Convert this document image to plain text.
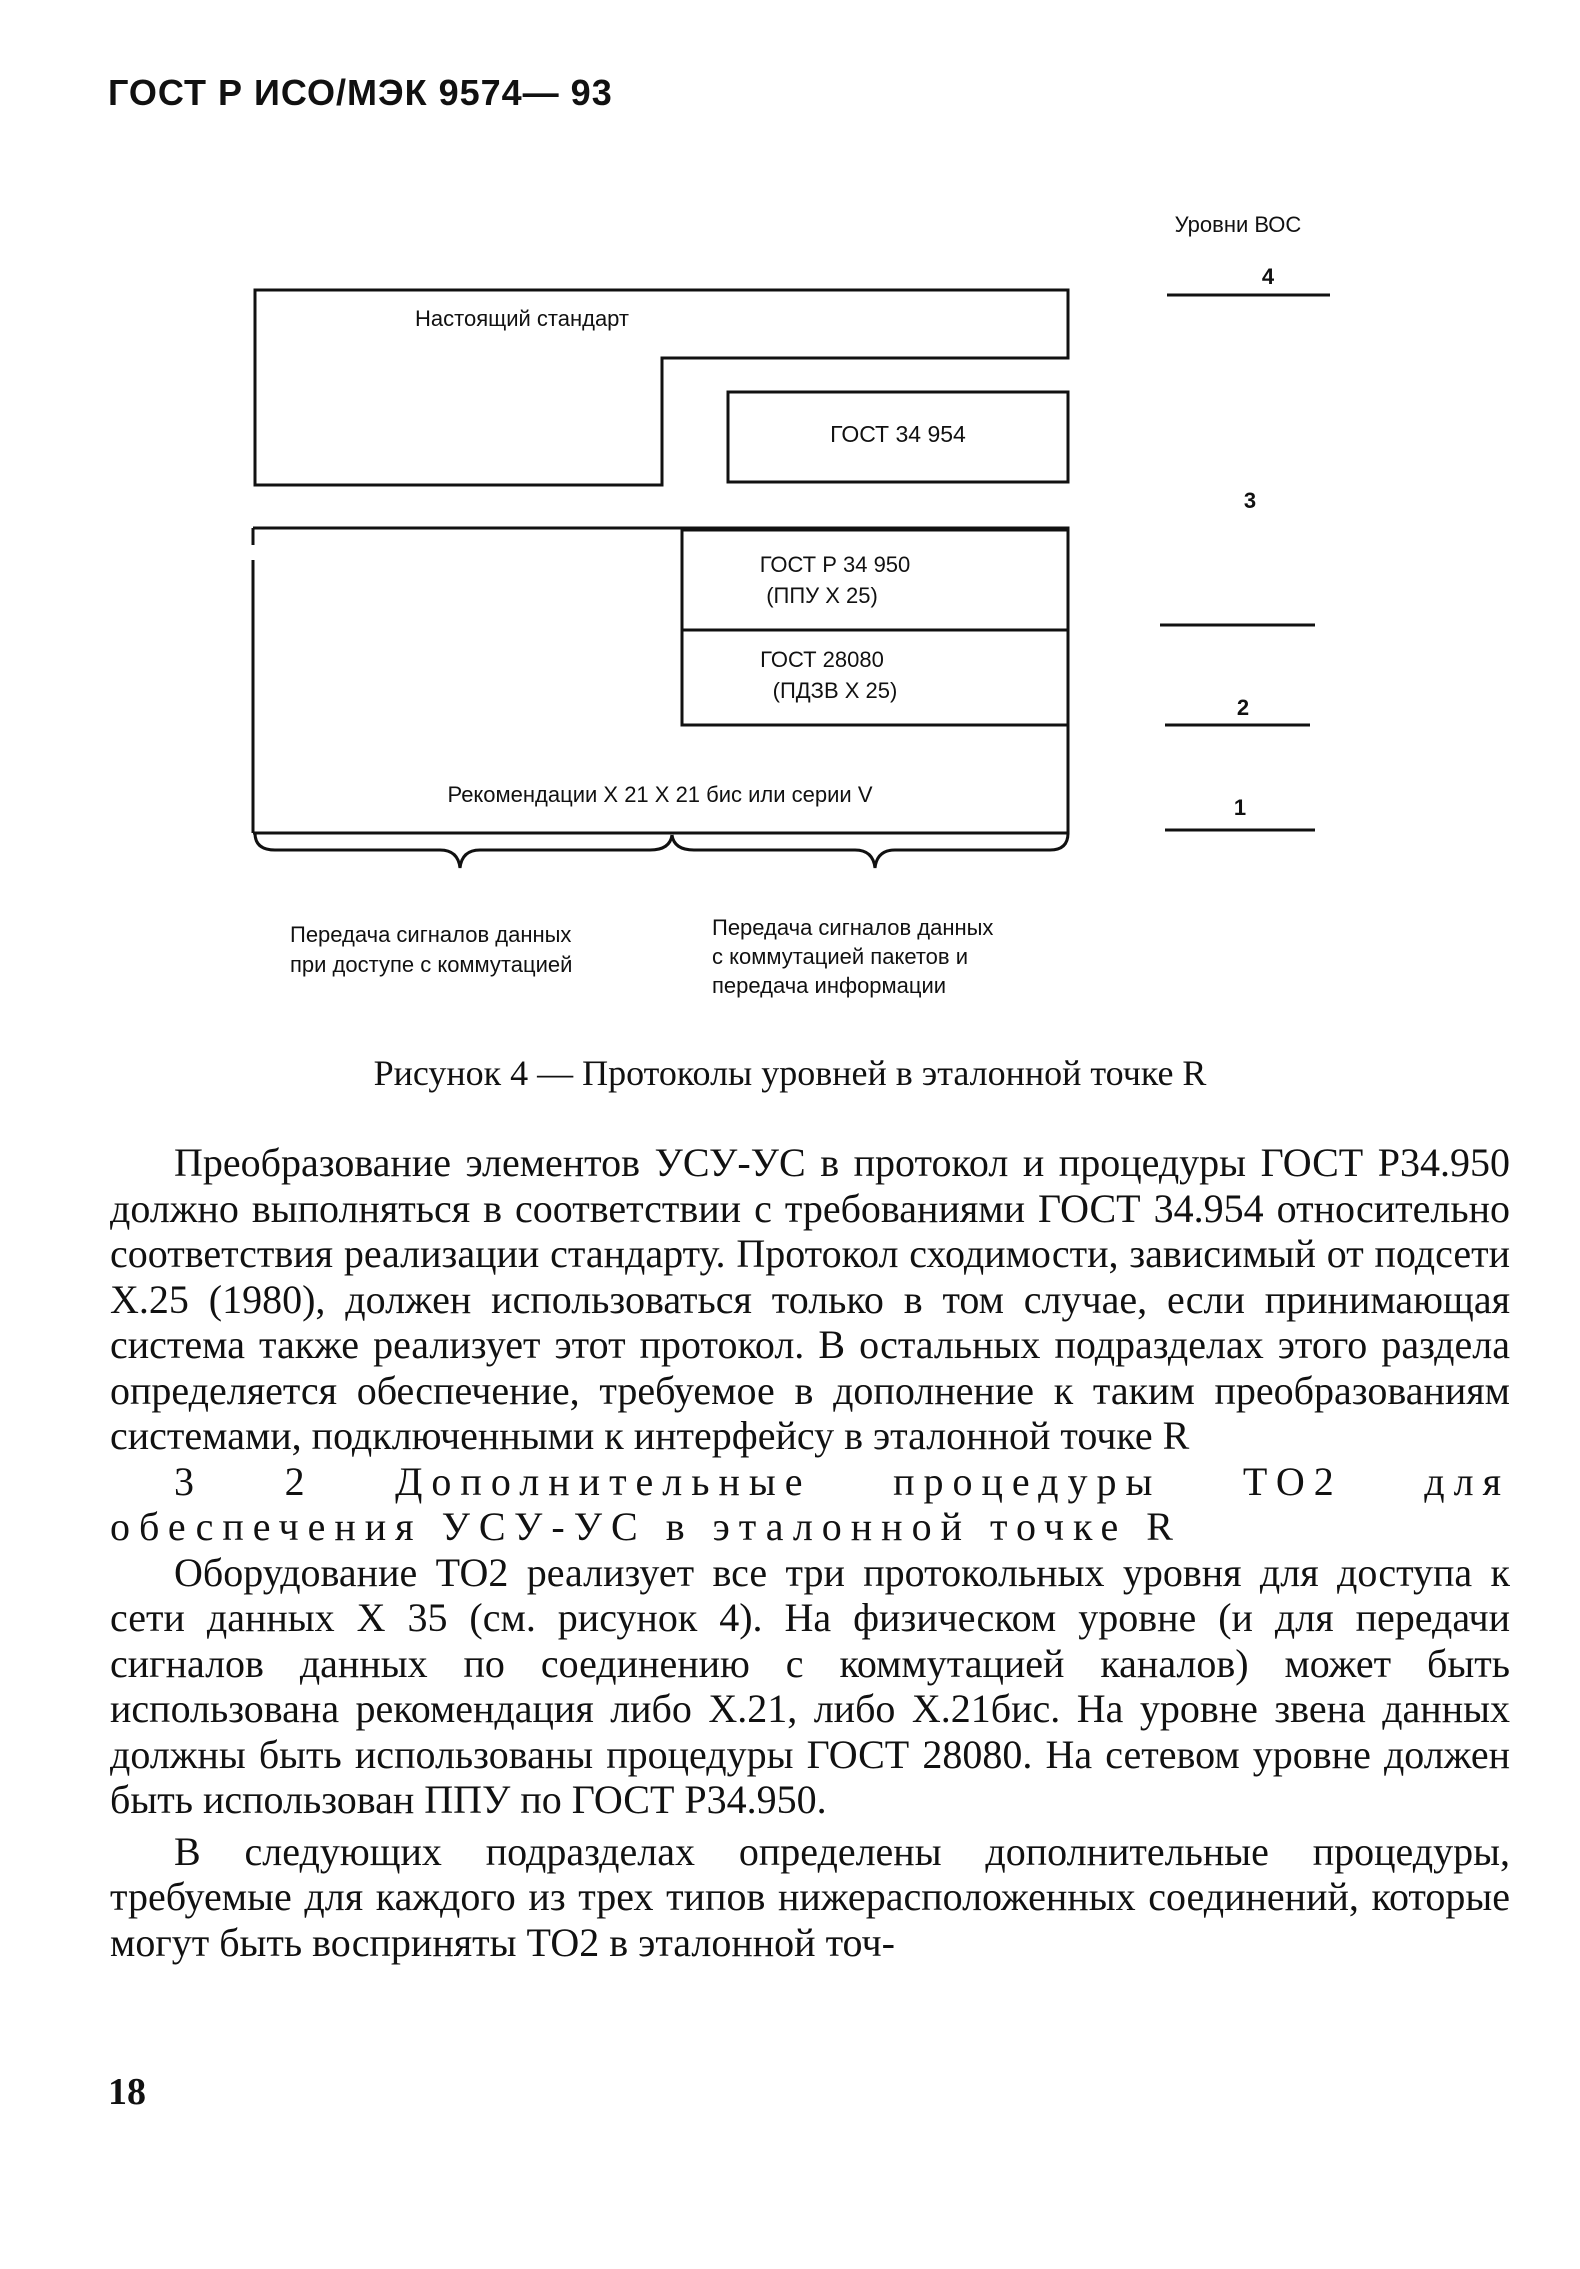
ГОСТ Р ИСО/МЭК 9574— 93
Уровни ВОС
4
3
2
1
Настоящий стандарт
ГОСТ 34 954
ГОСТ Р 34 950
(ППУ Х 25)
ГОСТ 28080
(ПДЗВ Х 25)
Рекомендации Х 21 Х 21 бис или серии V
Передача сигналов данных
при доступе с коммутацией
Передача сигналов данных
с коммутацией пакетов и
передача информации
Рисунок 4 — Протоколы уровней в эталонной точке R

Преобразование элементов УСУ-УС в протокол и процедуры ГОСТ Р34.950 должно выполняться в соответствии с требованиями ГОСТ 34.954 относительно соответствия реализации стандарту. Протокол сходимости, зависимый от подсети Х.25 (1980), должен использоваться только в том случае, если принимающая система также реализует этот протокол. В остальных подразделах этого раздела определяется обеспечение, требуемое в дополнение к таким преобразованиям системами, подключенными к интерфейсу в эталонной точке R

3 2 Дополнительные процедуры ТО2 для обеспечения УСУ-УС в эталонной точке R

Оборудование ТО2 реализует все три протокольных уровня для доступа к сети данных Х 35 (см. рисунок 4). На физическом уровне (и для передачи сигналов данных по соединению с коммутацией каналов) может быть использована рекомендация либо Х.21, либо Х.21бис. На уровне звена данных должны быть использованы процедуры ГОСТ 28080. На сетевом уровне должен быть использован ППУ по ГОСТ Р34.950.

В следующих подразделах определены дополнительные процедуры, требуемые для каждого из трех типов нижерасположенных соединений, которые могут быть восприняты ТО2 в эталонной точ-

18
